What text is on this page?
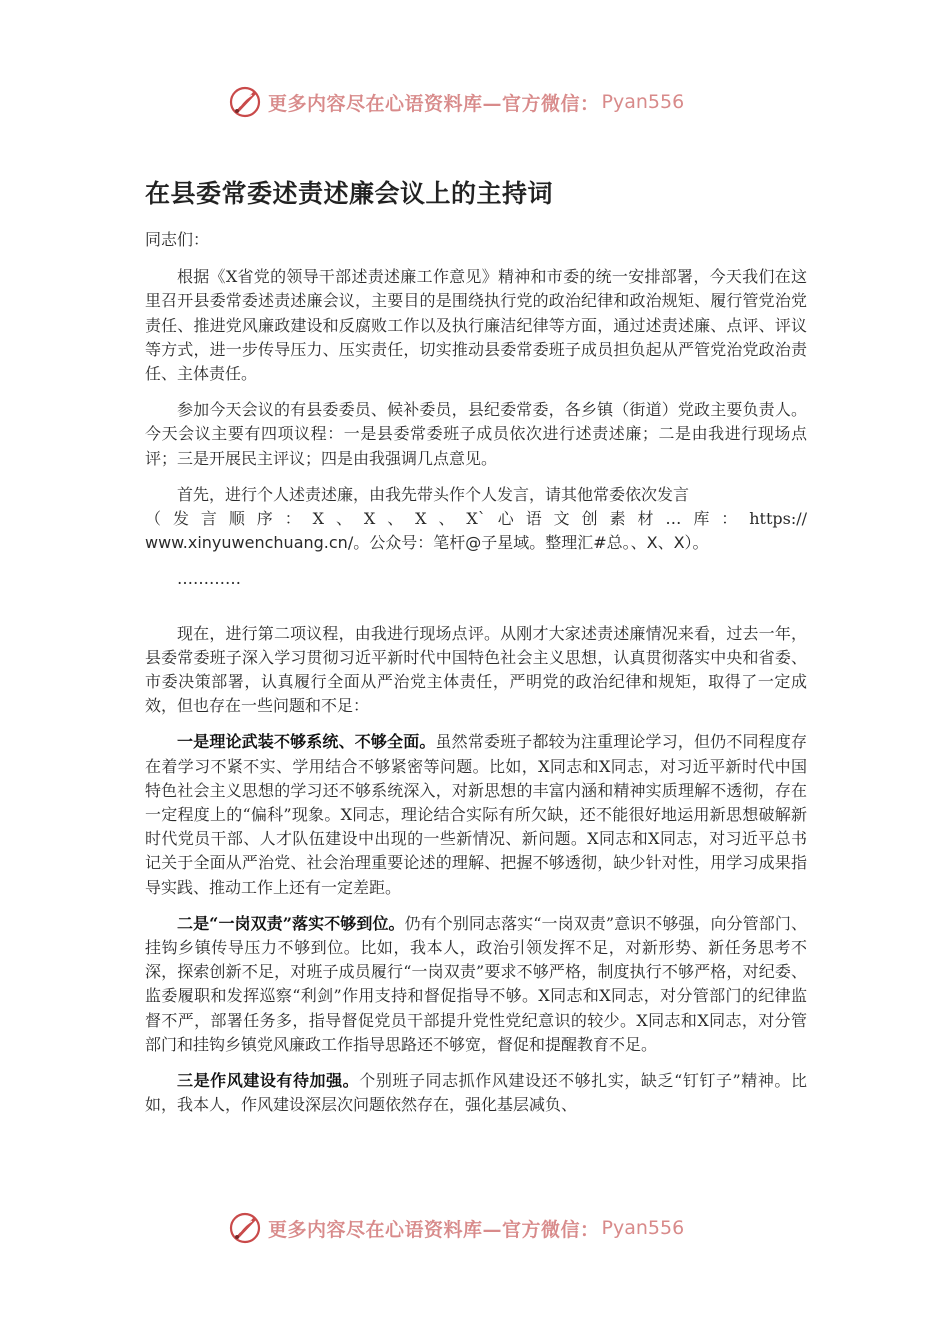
更多内容尽在心语资料库—官方微信： Pyan556
在县委常委述责述廉会议上的主持词

同志们：

根据《X省党的领导干部述责述廉工作意见》精神和市委的统一安排部署，今天我们在这里召开县委常委述责述廉会议，主要目的是围绕执行党的政治纪律和政治规矩、履行管党治党责任、推进党风廉政建设和反腐败工作以及执行廉洁纪律等方面，通过述责述廉、点评、评议等方式，进一步传导压力、压实责任，切实推动县委常委班子成员担负起从严管党治党政治责任、主体责任。

参加今天会议的有县委委员、候补委员，县纪委常委，各乡镇（街道）党政主要负责人。今天会议主要有四项议程：一是县委常委班子成员依次进行述责述廉；二是由我进行现场点评；三是开展民主评议；四是由我强调几点意见。

首先，进行个人述责述廉，由我先带头作个人发言，请其他常委依次发言

（发言顺序：X、X、X、X`心语文创素材…库：https://

www.xinyuwenchuang.cn/。公众号：笔杆@子星域。整理汇#总。、X、X）。

…………

现在，进行第二项议程，由我进行现场点评。从刚才大家述责述廉情况来看，过去一年，县委常委班子深入学习贯彻习近平新时代中国特色社会主义思想，认真贯彻落实中央和省委、市委决策部署，认真履行全面从严治党主体责任，严明党的政治纪律和规矩，取得了一定成效，但也存在一些问题和不足：

一是理论武装不够系统、不够全面。虽然常委班子都较为注重理论学习，但仍不同程度存在着学习不紧不实、学用结合不够紧密等问题。比如，X同志和X同志，对习近平新时代中国特色社会主义思想的学习还不够系统深入，对新思想的丰富内涵和精神实质理解不透彻，存在一定程度上的“偏科”现象。X同志，理论结合实际有所欠缺，还不能很好地运用新思想破解新时代党员干部、人才队伍建设中出现的一些新情况、新问题。X同志和X同志，对习近平总书记关于全面从严治党、社会治理重要论述的理解、把握不够透彻，缺少针对性，用学习成果指导实践、推动工作上还有一定差距。

二是“一岗双责”落实不够到位。仍有个别同志落实“一岗双责”意识不够强，向分管部门、挂钩乡镇传导压力不够到位。比如，我本人，政治引领发挥不足，对新形势、新任务思考不深，探索创新不足，对班子成员履行“一岗双责”要求不够严格，制度执行不够严格，对纪委、监委履职和发挥巡察“利剑”作用支持和督促指导不够。X同志和X同志，对分管部门的纪律监督不严，部署任务多，指导督促党员干部提升党性党纪意识的较少。X同志和X同志，对分管部门和挂钩乡镇党风廉政工作指导思路还不够宽，督促和提醒教育不足。

三是作风建设有待加强。个别班子同志抓作风建设还不够扎实，缺乏“钉钉子”精神。比如，我本人，作风建设深层次问题依然存在，强化基层减负、

更多内容尽在心语资料库—官方微信： Pyan556
